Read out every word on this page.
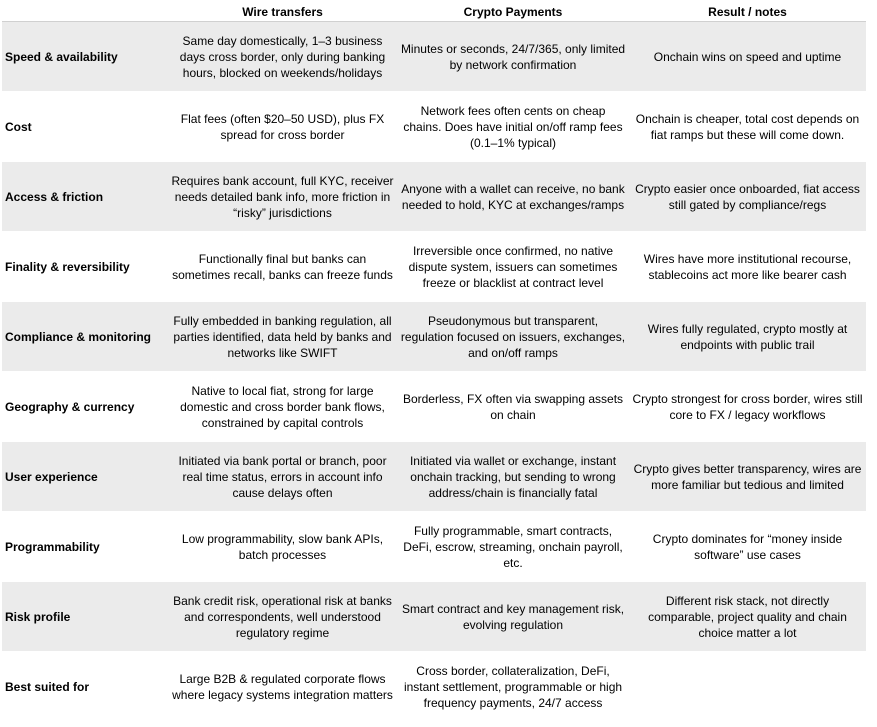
Wire transfers	Crypto Payments	Result / notes
Speed & availability
Same day domestically, 1–3 business days cross border, only during banking hours, blocked on weekends/holidays
Minutes or seconds, 24/7/365, only limited by network confirmation
Onchain wins on speed and uptime
Cost
Flat fees (often $20–50 USD), plus FX spread for cross border
Network fees often cents on cheap chains. Does have initial on/off ramp fees (0.1–1% typical)
Onchain is cheaper, total cost depends on fiat ramps but these will come down.
Access & friction
Requires bank account, full KYC, receiver needs detailed bank info, more friction in “risky” jurisdictions
Anyone with a wallet can receive, no bank needed to hold, KYC at exchanges/ramps
Crypto easier once onboarded, fiat access still gated by compliance/regs
Finality & reversibility
Functionally final but banks can sometimes recall, banks can freeze funds
Irreversible once confirmed, no native dispute system, issuers can sometimes freeze or blacklist at contract level
Wires have more institutional recourse, stablecoins act more like bearer cash
Compliance & monitoring
Fully embedded in banking regulation, all parties identified, data held by banks and networks like SWIFT
Pseudonymous but transparent, regulation focused on issuers, exchanges, and on/off ramps
Wires fully regulated, crypto mostly at endpoints with public trail
Geography & currency
Native to local fiat, strong for large domestic and cross border bank flows, constrained by capital controls
Borderless, FX often via swapping assets on chain
Crypto strongest for cross border, wires still core to FX / legacy workflows
User experience
Initiated via bank portal or branch, poor real time status, errors in account info cause delays often
Initiated via wallet or exchange, instant onchain tracking, but sending to wrong address/chain is financially fatal
Crypto gives better transparency, wires are more familiar but tedious and limited
Programmability
Low programmability, slow bank APIs, batch processes
Fully programmable, smart contracts, DeFi, escrow, streaming, onchain payroll, etc.
Crypto dominates for “money inside software” use cases
Risk profile
Bank credit risk, operational risk at banks and correspondents, well understood regulatory regime
Smart contract and key management risk, evolving regulation
Different risk stack, not directly comparable, project quality and chain choice matter a lot
Best suited for
Large B2B & regulated corporate flows where legacy systems integration matters
Cross border, collateralization, DeFi, instant settlement, programmable or high frequency payments, 24/7 access
